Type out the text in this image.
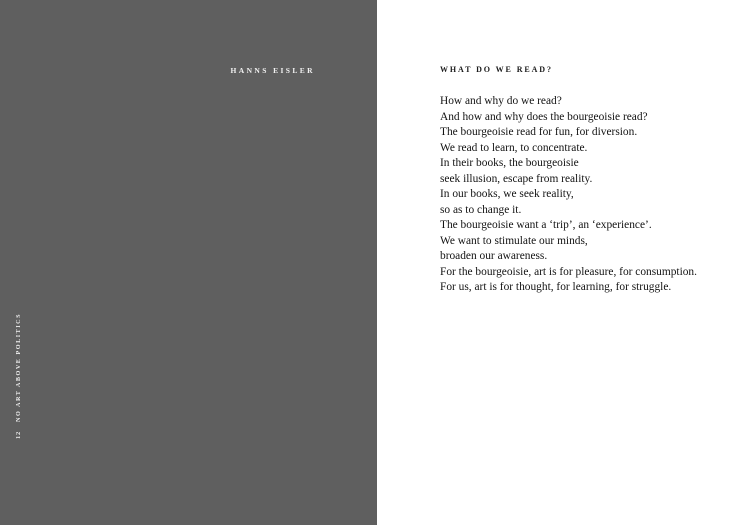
HANNS EISLER
12NO ART ABOVE POLITICS
WHAT DO WE READ?
How and why do we read?
And how and why does the bourgeoisie read?
The bourgeoisie read for fun, for diversion.
We read to learn, to concentrate.
In their books, the bourgeoisie
seek illusion, escape from reality.
In our books, we seek reality,
so as to change it.
The bourgeoisie want a ‘trip’, an ‘experience’.
We want to stimulate our minds,
broaden our awareness.
For the bourgeoisie, art is for pleasure, for consumption.
For us, art is for thought, for learning, for struggle.
